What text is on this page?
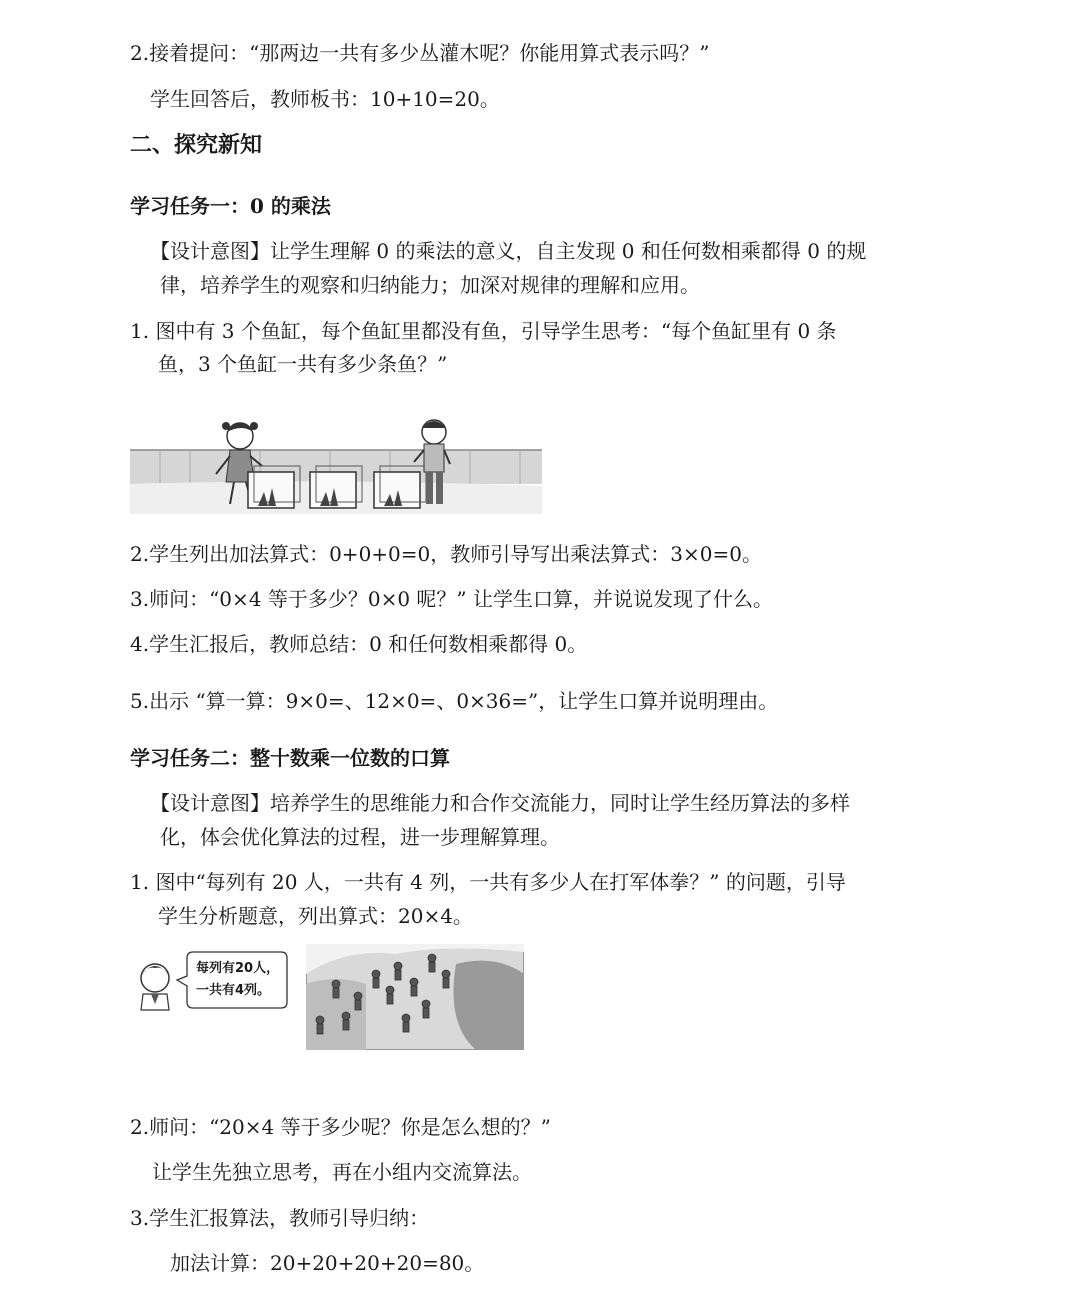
2.接着提问：“那两边一共有多少丛灌木呢？你能用算式表示吗？”
学生回答后，教师板书：10+10=20。
二、探究新知
学习任务一：0 的乘法
【设计意图】让学生理解 0 的乘法的意义，自主发现 0 和任何数相乘都得 0 的规
律，培养学生的观察和归纳能力；加深对规律的理解和应用。
1. 图中有 3 个鱼缸，每个鱼缸里都没有鱼，引导学生思考：“每个鱼缸里有 0 条
鱼，3 个鱼缸一共有多少条鱼？”
2.学生列出加法算式：0+0+0=0，教师引导写出乘法算式：3×0=0。
3.师问：“0×4 等于多少？0×0 呢？” 让学生口算，并说说发现了什么。
4.学生汇报后，教师总结：0 和任何数相乘都得 0。
5.出示 “算一算：9×0=、12×0=、0×36=”，让学生口算并说明理由。
学习任务二：整十数乘一位数的口算
【设计意图】培养学生的思维能力和合作交流能力，同时让学生经历算法的多样
化，体会优化算法的过程，进一步理解算理。
1. 图中“每列有 20 人，一共有 4 列，一共有多少人在打军体拳？” 的问题，引导
学生分析题意，列出算式：20×4。
每列有20人，
一共有4列。
2.师问：“20×4 等于多少呢？你是怎么想的？”
让学生先独立思考，再在小组内交流算法。
3.学生汇报算法，教师引导归纳：
加法计算：20+20+20+20=80。
